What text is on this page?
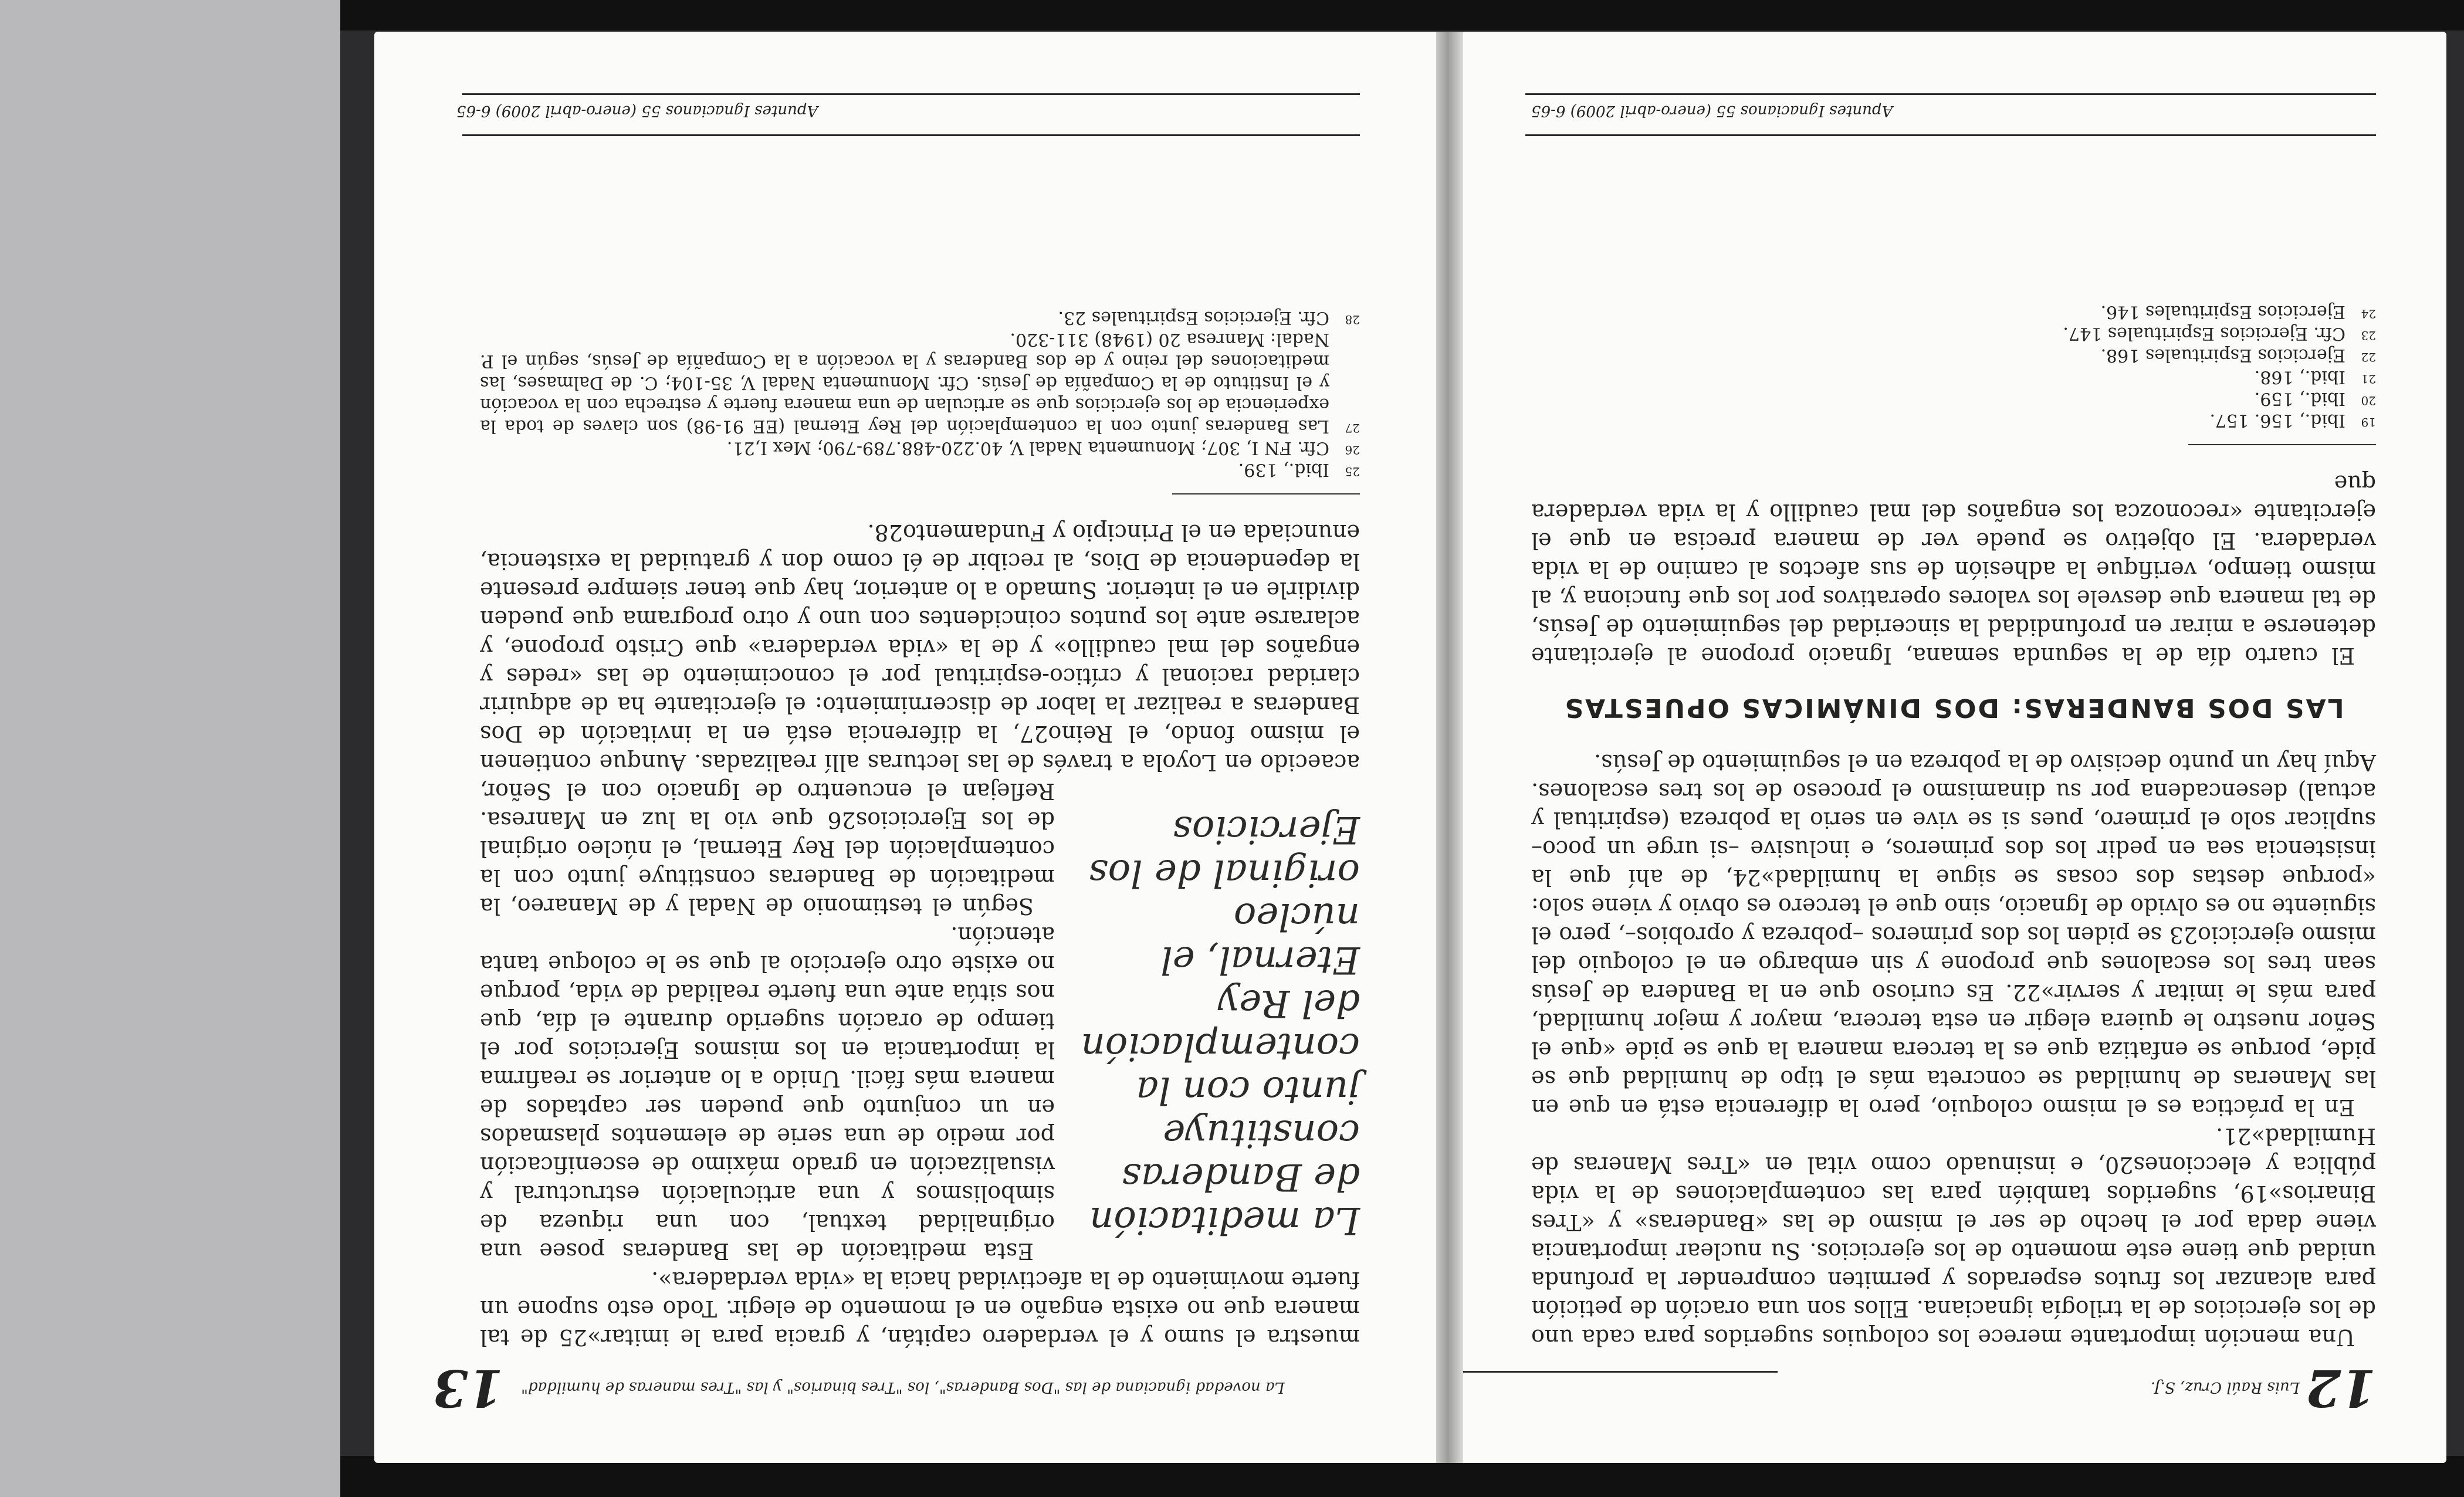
12
Luis Raúl Cruz, S.J.

Una mención importante merece los coloquios sugeridos para cada uno de los ejercicios de la trilogía ignaciana. Ellos son una oración de petición para alcanzar los frutos esperados y permiten comprender la profunda unidad que tiene este momento de los ejercicios. Su nuclear importancia viene dada por el hecho de ser el mismo de las «Banderas» y «Tres Binarios»19, sugeridos también para las contemplaciones de la vida pública y elecciones20, e insinuado como vital en «Tres Maneras de Humildad»21.

En la práctica es el mismo coloquio, pero la diferencia está en que en las Maneras de humildad se concreta más el tipo de humildad que se pide, porque se enfatiza que es la tercera manera la que se pide «que el Señor nuestro le quiera elegir en esta tercera, mayor y mejor humildad, para más le imitar y servir»22. Es curioso que en la Bandera de Jesús sean tres los escalones que propone y sin embargo en el coloquio del mismo ejercicio23 se piden los dos primeros –pobreza y oprobios–, pero el siguiente no es olvido de Ignacio, sino que el tercero es obvio y viene solo: «porque destas dos cosas se sigue la humildad»24, de ahí que la insistencia sea en pedir los dos primeros, e inclusive –si urge un poco– suplicar solo el primero, pues si se vive en serio la pobreza (espiritual y actual) desencadena por su dinamismo el proceso de los tres escalones. Aquí hay un punto decisivo de la pobreza en el seguimiento de Jesús.

LAS DOS BANDERAS: DOS DINÁMICAS OPUESTAS

El cuarto día de la segunda semana, Ignacio propone al ejercitante detenerse a mirar en profundidad la sinceridad del seguimiento de Jesús, de tal manera que desvele los valores operativos por los que funciona y, al mismo tiempo, verifique la adhesión de sus afectos al camino de la vida verdadera. El objetivo se puede ver de manera precisa en que el ejercitante «reconozca los engaños del mal caudillo y la vida verdadera que

19
Ibid., 156. 157.
20
Ibid., 159.
21
Ibid., 168.
22
Ejercicios Espirituales 168.
23
Cfr. Ejercicios Espirituales 147.
24
Ejercicios Espirituales 146.
Apuntes Ignacianos 55 (enero-abril 2009) 6-65
13 La novedad ignaciana de las "Dos Banderas", los "Tres binarios" y las "Tres maneras de humildad"

muestra el sumo y el verdadero capitán, y gracia para le imitar»25 de tal manera que no exista engaño en el momento de elegir. Todo esto supone un fuerte movimiento de la afectividad hacia la «vida verdadera».

La meditación de Banderas constituye junto con la contemplación del Rey Eternal, el núcleo original de los Ejercicios

Esta meditación de las Banderas posee una originalidad textual, con una riqueza de simbolismos y una articulación estructural y visualización en grado máximo de escenificación por medio de una serie de elementos plasmados en un conjunto que pueden ser captados de manera más fácil. Unido a lo anterior se reafirma la importancia en los mismos Ejercicios por el tiempo de oración sugerido durante el día, que nos sitúa ante una fuerte realidad de vida, porque no existe otro ejercicio al que se le coloque tanta atención.

Según el testimonio de Nadal y de Manareo, la meditación de Banderas constituye junto con la contemplación del Rey Eternal, el núcleo original de los Ejercicios26 que vio la luz en Manresa. Reflejan el encuentro de Ignacio con el Señor, acaecido en Loyola a través de las lecturas allí realizadas. Aunque contienen el mismo fondo, el Reino27, la diferencia está en la invitación de Dos Banderas a realizar la labor de discernimiento: el ejercitante ha de adquirir claridad racional y crítico-espiritual por el conocimiento de las «redes y engaños del mal caudillo» y de la «vida verdadera» que Cristo propone, y aclararse ante los puntos coincidentes con uno y otro programa que pueden dividirle en el interior. Sumado a lo anterior, hay que tener siempre presente la dependencia de Dios, al recibir de él como don y gratuidad la existencia, enunciada en el Principio y Fundamento28.

25
Ibid., 139.
26
Cfr. FN I, 307; Monumenta Nadal V, 40.220-488.789-790; Mex I,21.
27
Las Banderas junto con la contemplación del Rey Eternal (EE 91-98) son claves de toda la experiencia de los ejercicios que se articulan de una manera fuerte y estrecha con la vocación y el Instituto de la Compañía de Jesús. Cfr. Monumenta Nadal V, 35-104; C. de Dalmases, las meditaciones del reino y de dos Banderas y la vocación a la Compañía de Jesús, según el P. Nadal: Manresa 20 (1948) 311-320.
28
Cfr. Ejercicios Espirituales 23.
Apuntes Ignacianos 55 (enero-abril 2009) 6-65
